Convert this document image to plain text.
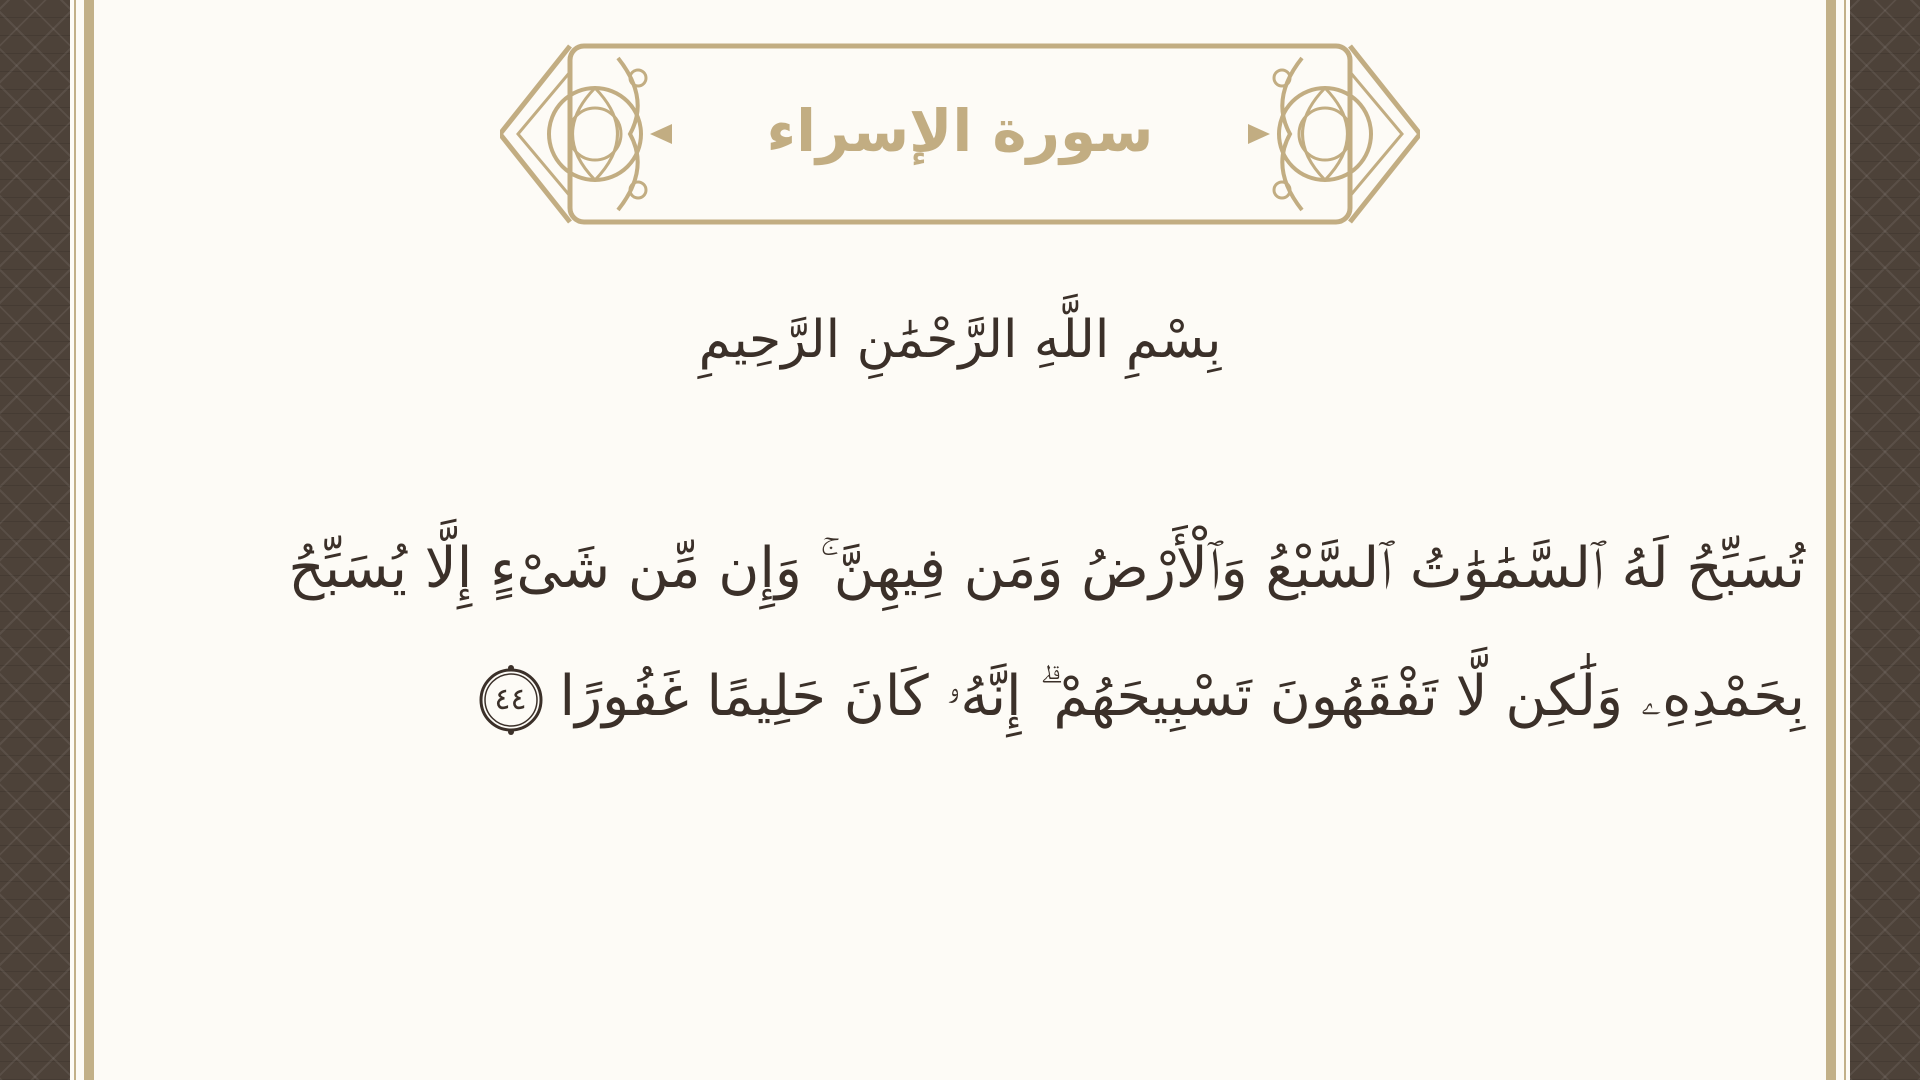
سورة الإسراء
بِسْمِ اللَّهِ الرَّحْمَٰنِ الرَّحِيمِ
تُسَبِّحُ لَهُ ٱلسَّمَٰوَٰتُ ٱلسَّبْعُ وَٱلْأَرْضُ وَمَن فِيهِنَّ ۚ وَإِن مِّن شَىْءٍ إِلَّا يُسَبِّحُ
بِحَمْدِهِۦ وَلَٰكِن لَّا تَفْقَهُونَ تَسْبِيحَهُمْ ۗ إِنَّهُۥ كَانَ حَلِيمًا غَفُورًا
٤٤
